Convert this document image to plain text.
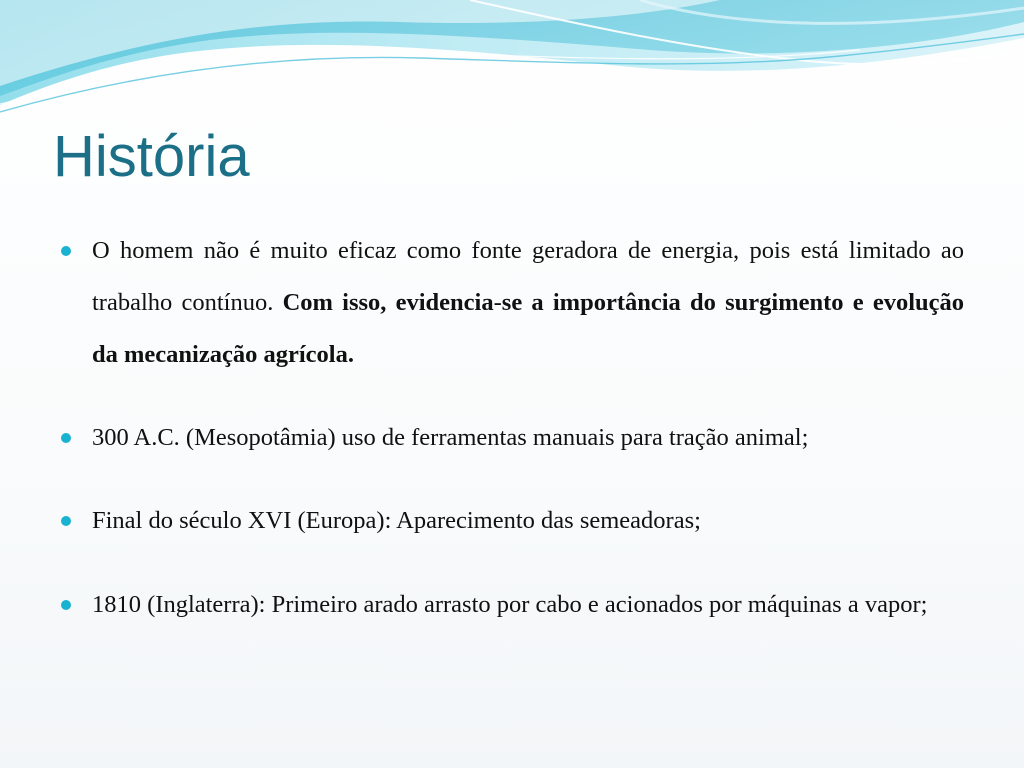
História
O homem não é muito eficaz como fonte geradora de energia, pois está limitado ao trabalho contínuo. Com isso, evidencia-se a importância do surgimento e evolução da mecanização agrícola.
300 A.C. (Mesopotâmia) uso de ferramentas manuais para tração animal;
Final do século XVI (Europa): Aparecimento das semeadoras;
1810 (Inglaterra): Primeiro arado arrasto por cabo e acionados por máquinas a vapor;
